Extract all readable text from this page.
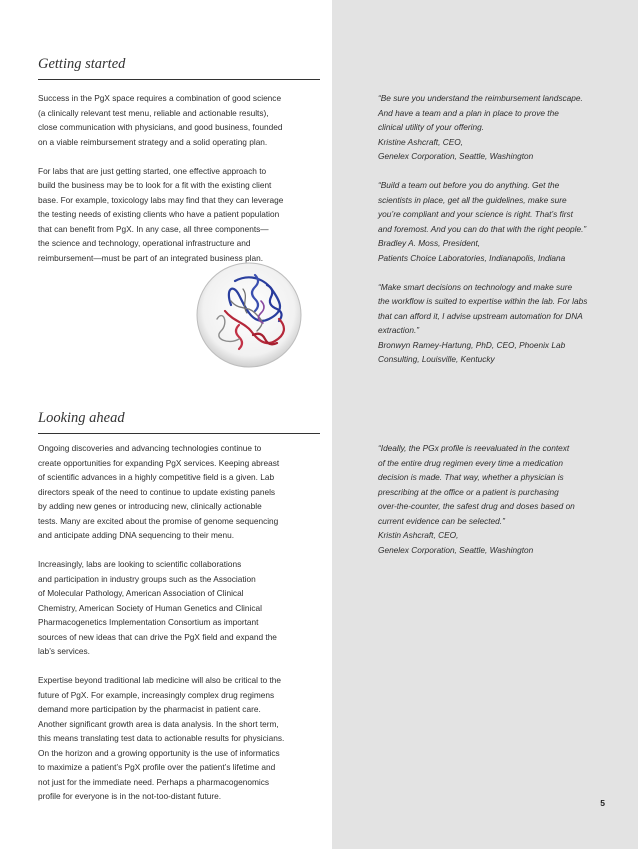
Getting started

Success in the PgX space requires a combination of good science
(a clinically relevant test menu, reliable and actionable results),
close communication with physicians, and good business, founded
on a viable reimbursement strategy and a solid operating plan.

For labs that are just getting started, one effective approach to
build the business may be to look for a fit with the existing client
base. For example, toxicology labs may find that they can leverage
the testing needs of existing clients who have a patient population
that can benefit from PgX. In any case, all three components—
the science and technology, operational infrastructure and
reimbursement—must be part of an integrated business plan.

Looking ahead

Ongoing discoveries and advancing technologies continue to
create opportunities for expanding PgX services. Keeping abreast
of scientific advances in a highly competitive field is a given. Lab
directors speak of the need to continue to update existing panels
by adding new genes or introducing new, clinically actionable
tests. Many are excited about the promise of genome sequencing
and anticipate adding DNA sequencing to their menu.

Increasingly, labs are looking to scientific collaborations
and participation in industry groups such as the Association
of Molecular Pathology, American Association of Clinical
Chemistry, American Society of Human Genetics and Clinical
Pharmacogenetics Implementation Consortium as important
sources of new ideas that can drive the PgX field and expand the
lab’s services.

Expertise beyond traditional lab medicine will also be critical to the
future of PgX. For example, increasingly complex drug regimens
demand more participation by the pharmacist in patient care.
Another significant growth area is data analysis. In the short term,
this means translating test data to actionable results for physicians.
On the horizon and a growing opportunity is the use of informatics
to maximize a patient’s PgX profile over the patient’s lifetime and
not just for the immediate need. Perhaps a pharmacogenomics
profile for everyone is in the not-too-distant future.

“Be sure you understand the reimbursement landscape.
And have a team and a plan in place to prove the
clinical utility of your offering.
Kristine Ashcraft, CEO,
Genelex Corporation, Seattle, Washington

“Build a team out before you do anything. Get the
scientists in place, get all the guidelines, make sure
you’re compliant and your science is right. That’s first
and foremost. And you can do that with the right people.”
Bradley A. Moss, President,
Patients Choice Laboratories, Indianapolis, Indiana

“Make smart decisions on technology and make sure
the workflow is suited to expertise within the lab. For labs
that can afford it, I advise upstream automation for DNA
extraction.”
Bronwyn Ramey-Hartung, PhD, CEO, Phoenix Lab
Consulting, Louisville, Kentucky

“Ideally, the PGx profile is reevaluated in the context
of the entire drug regimen every time a medication
decision is made. That way, whether a physician is
prescribing at the office or a patient is purchasing
over-the-counter, the safest drug and doses based on
current evidence can be selected.”
Kristin Ashcraft, CEO,
Genelex Corporation, Seattle, Washington

5
